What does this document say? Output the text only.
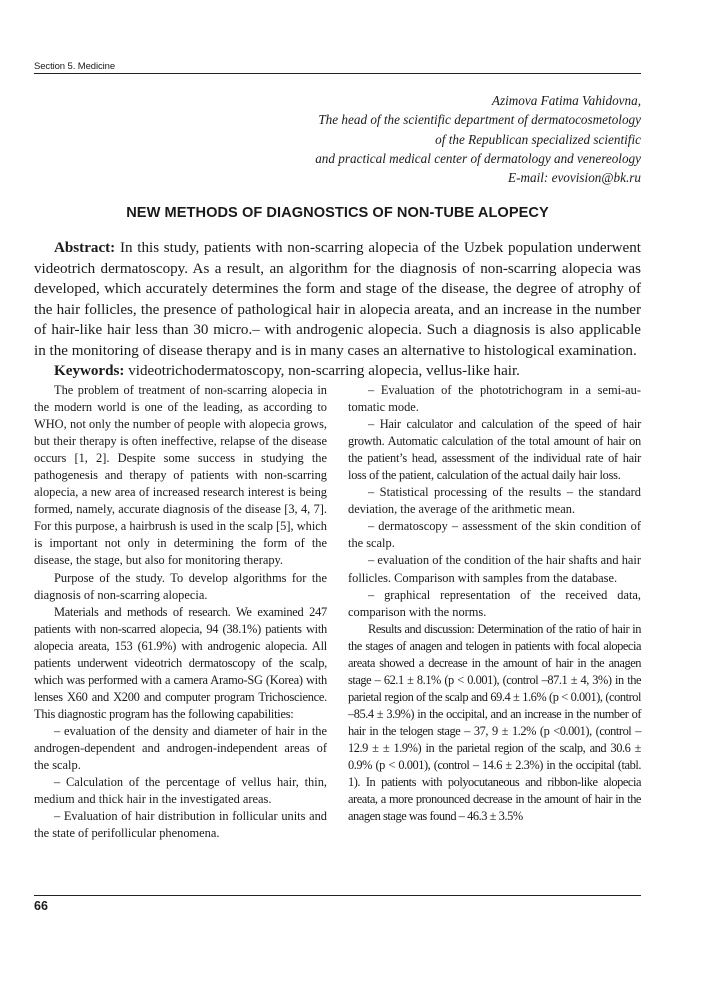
Section 5. Medicine
Azimova Fatima Vahidovna,
The head of the scientific department of dermatocosmetology
of the Republican specialized scientific
and practical medical center of dermatology and venereology
E-mail: evovision@bk.ru
NEW METHODS OF DIAGNOSTICS OF NON-TUBE ALOPECY

Abstract: In this study, patients with non-scarring alopecia of the Uzbek population underwent videotrich dermatoscopy. As a result, an algorithm for the diagnosis of non-scarring alopecia was developed, which accurately determines the form and stage of the disease, the degree of atrophy of the hair follicles, the presence of pathological hair in alopecia areata, and an increase in the number of hair-like hair less than 30 micro.– with androgenic alopecia. Such a diagnosis is also applicable in the monitoring of disease therapy and is in many cases an alternative to histological examination.

Keywords: videotrichodermatoscopy, non-scarring alopecia, vellus-like hair.

The problem of treatment of non-scarring alopecia in the modern world is one of the leading, as according to WHO, not only the number of people with alopecia grows, but their therapy is often ineffective, relapse of the disease occurs [1, 2]. Despite some success in studying the pathogenesis and therapy of patients with non-scarring alopecia, a new area of increased research interest is being formed, namely, accurate diagnosis of the disease [3, 4, 7]. For this purpose, a hairbrush is used in the scalp [5], which is important not only in determining the form of the disease, the stage, but also for monitoring therapy.

Purpose of the study. To develop algorithms for the diagnosis of non-scarring alopecia.

Materials and methods of research. We examined 247 patients with non-scarred alopecia, 94 (38.1%) patients with alopecia areata, 153 (61.9%) with androgenic alopecia. All patients underwent videotrich dermatoscopy of the scalp, which was performed with a camera Aramo-SG (Korea) with lenses X60 and X200 and computer program Trichoscience. This diagnostic program has the following capabilities:

– evaluation of the density and diameter of hair in the androgen-dependent and androgen-independent areas of the scalp.

– Calculation of the percentage of vellus hair, thin, medium and thick hair in the investigated areas.

– Evaluation of hair distribution in follicular units and the state of perifollicular phenomena.

– Evaluation of the phototrichogram in a semi-automatic mode.

– Hair calculator and calculation of the speed of hair growth. Automatic calculation of the total amount of hair on the patient’s head, assessment of the individual rate of hair loss of the patient, calculation of the actual daily hair loss.

– Statistical processing of the results – the standard deviation, the average of the arithmetic mean.

– dermatoscopy – assessment of the skin condition of the scalp.

– evaluation of the condition of the hair shafts and hair follicles. Comparison with samples from the database.

– graphical representation of the received data, comparison with the norms.

Results and discussion: Determination of the ratio of hair in the stages of anagen and telogen in patients with focal alopecia areata showed a decrease in the amount of hair in the anagen stage – 62.1 ± 8.1% (p < 0.001), (control –87.1 ± 4, 3%) in the parietal region of the scalp and 69.4 ± 1.6% (p < 0.001), (control –85.4 ± 3.9%) in the occipital, and an increase in the number of hair in the telogen stage – 37, 9 ± 1.2% (p <0.001), (control – 12.9 ± ± 1.9%) in the parietal region of the scalp, and 30.6 ± 0.9% (p < 0.001), (control – 14.6 ± 2.3%) in the occipital (tabl. 1). In patients with polyocutaneous and ribbon-like alopecia areata, a more pronounced decrease in the amount of hair in the anagen stage was found – 46.3 ± 3.5%

66
